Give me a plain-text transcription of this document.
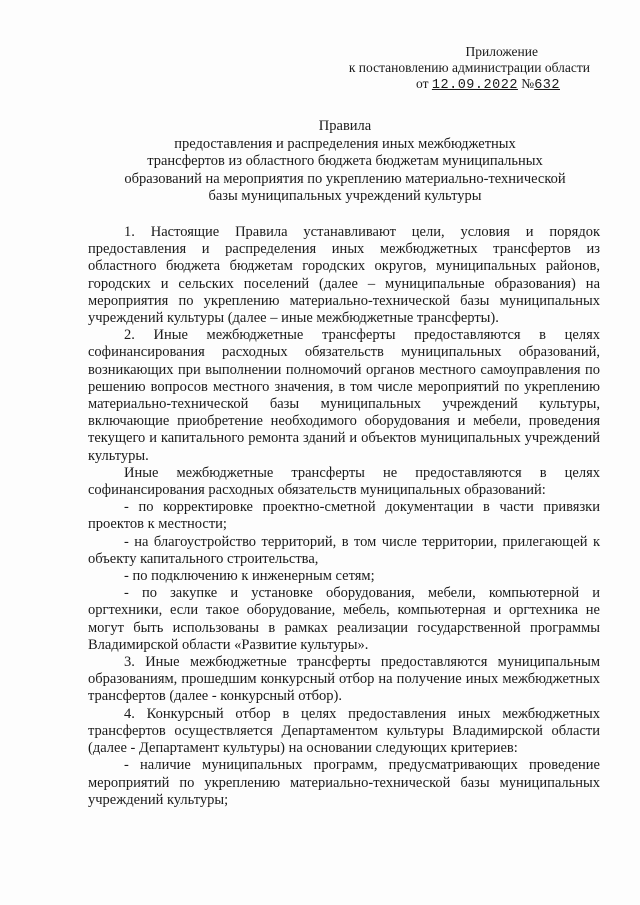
Приложение
к постановлению администрации области
от 12.09.2022 №632
Правила
предоставления и распределения иных межбюджетных
трансфертов из областного бюджета бюджетам муниципальных
образований на мероприятия по укреплению материально-технической
базы муниципальных учреждений культуры

1. Настоящие Правила устанавливают цели, условия и порядок предоставления и распределения иных межбюджетных трансфертов из областного бюджета бюджетам городских округов, муниципальных районов, городских и сельских поселений (далее – муниципальные образования) на мероприятия по укреплению материально-технической базы муниципальных учреждений культуры (далее – иные межбюджетные трансферты).

2. Иные межбюджетные трансферты предоставляются в целях софинансирования расходных обязательств муниципальных образований, возникающих при выполнении полномочий органов местного самоуправления по решению вопросов местного значения, в том числе мероприятий по укреплению материально-технической базы муниципальных учреждений культуры, включающие приобретение необходимого оборудования и мебели, проведения текущего и капитального ремонта зданий и объектов муниципальных учреждений культуры.

Иные межбюджетные трансферты не предоставляются в целях софинансирования расходных обязательств муниципальных образований:

- по корректировке проектно-сметной документации в части привязки проектов к местности;

- на благоустройство территорий, в том числе территории, прилегающей к объекту капитального строительства,

- по подключению к инженерным сетям;

- по закупке и установке оборудования, мебели, компьютерной и оргтехники, если такое оборудование, мебель, компьютерная и оргтехника не могут быть использованы в рамках реализации государственной программы Владимирской области «Развитие культуры».

3. Иные межбюджетные трансферты предоставляются муниципальным образованиям, прошедшим конкурсный отбор на получение иных межбюджетных трансфертов (далее - конкурсный отбор).

4. Конкурсный отбор в целях предоставления иных межбюджетных трансфертов осуществляется Департаментом культуры Владимирской области (далее - Департамент культуры) на основании следующих критериев:

- наличие муниципальных программ, предусматривающих проведение мероприятий по укреплению материально-технической базы муниципальных учреждений культуры;
